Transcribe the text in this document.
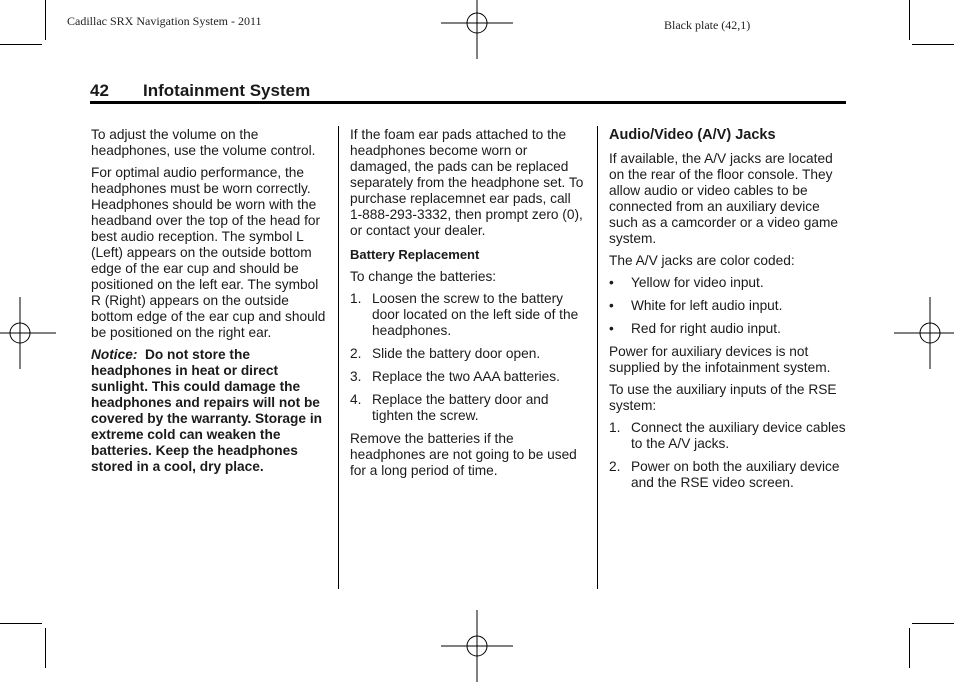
Cadillac SRX Navigation System - 2011	Black plate (42,1)
42 Infotainment System

To adjust the volume on the headphones, use the volume control.

For optimal audio performance, the headphones must be worn correctly. Headphones should be worn with the headband over the top of the head for best audio reception. The symbol L (Left) appears on the outside bottom edge of the ear cup and should be positioned on the left ear. The symbol R (Right) appears on the outside bottom edge of the ear cup and should be positioned on the right ear.

Notice: Do not store the headphones in heat or direct sunlight. This could damage the headphones and repairs will not be covered by the warranty. Storage in extreme cold can weaken the batteries. Keep the headphones stored in a cool, dry place.

If the foam ear pads attached to the headphones become worn or damaged, the pads can be replaced separately from the headphone set. To purchase replacemnet ear pads, call 1-888-293-3332, then prompt zero (0), or contact your dealer.

Battery Replacement

To change the batteries:

1. Loosen the screw to the battery door located on the left side of the headphones.
2. Slide the battery door open.
3. Replace the two AAA batteries.
4. Replace the battery door and tighten the screw.

Remove the batteries if the headphones are not going to be used for a long period of time.

Audio/Video (A/V) Jacks

If available, the A/V jacks are located on the rear of the floor console. They allow audio or video cables to be connected from an auxiliary device such as a camcorder or a video game system.

The A/V jacks are color coded:

• Yellow for video input.
• White for left audio input.
• Red for right audio input.

Power for auxiliary devices is not supplied by the infotainment system.

To use the auxiliary inputs of the RSE system:

1. Connect the auxiliary device cables to the A/V jacks.
2. Power on both the auxiliary device and the RSE video screen.
